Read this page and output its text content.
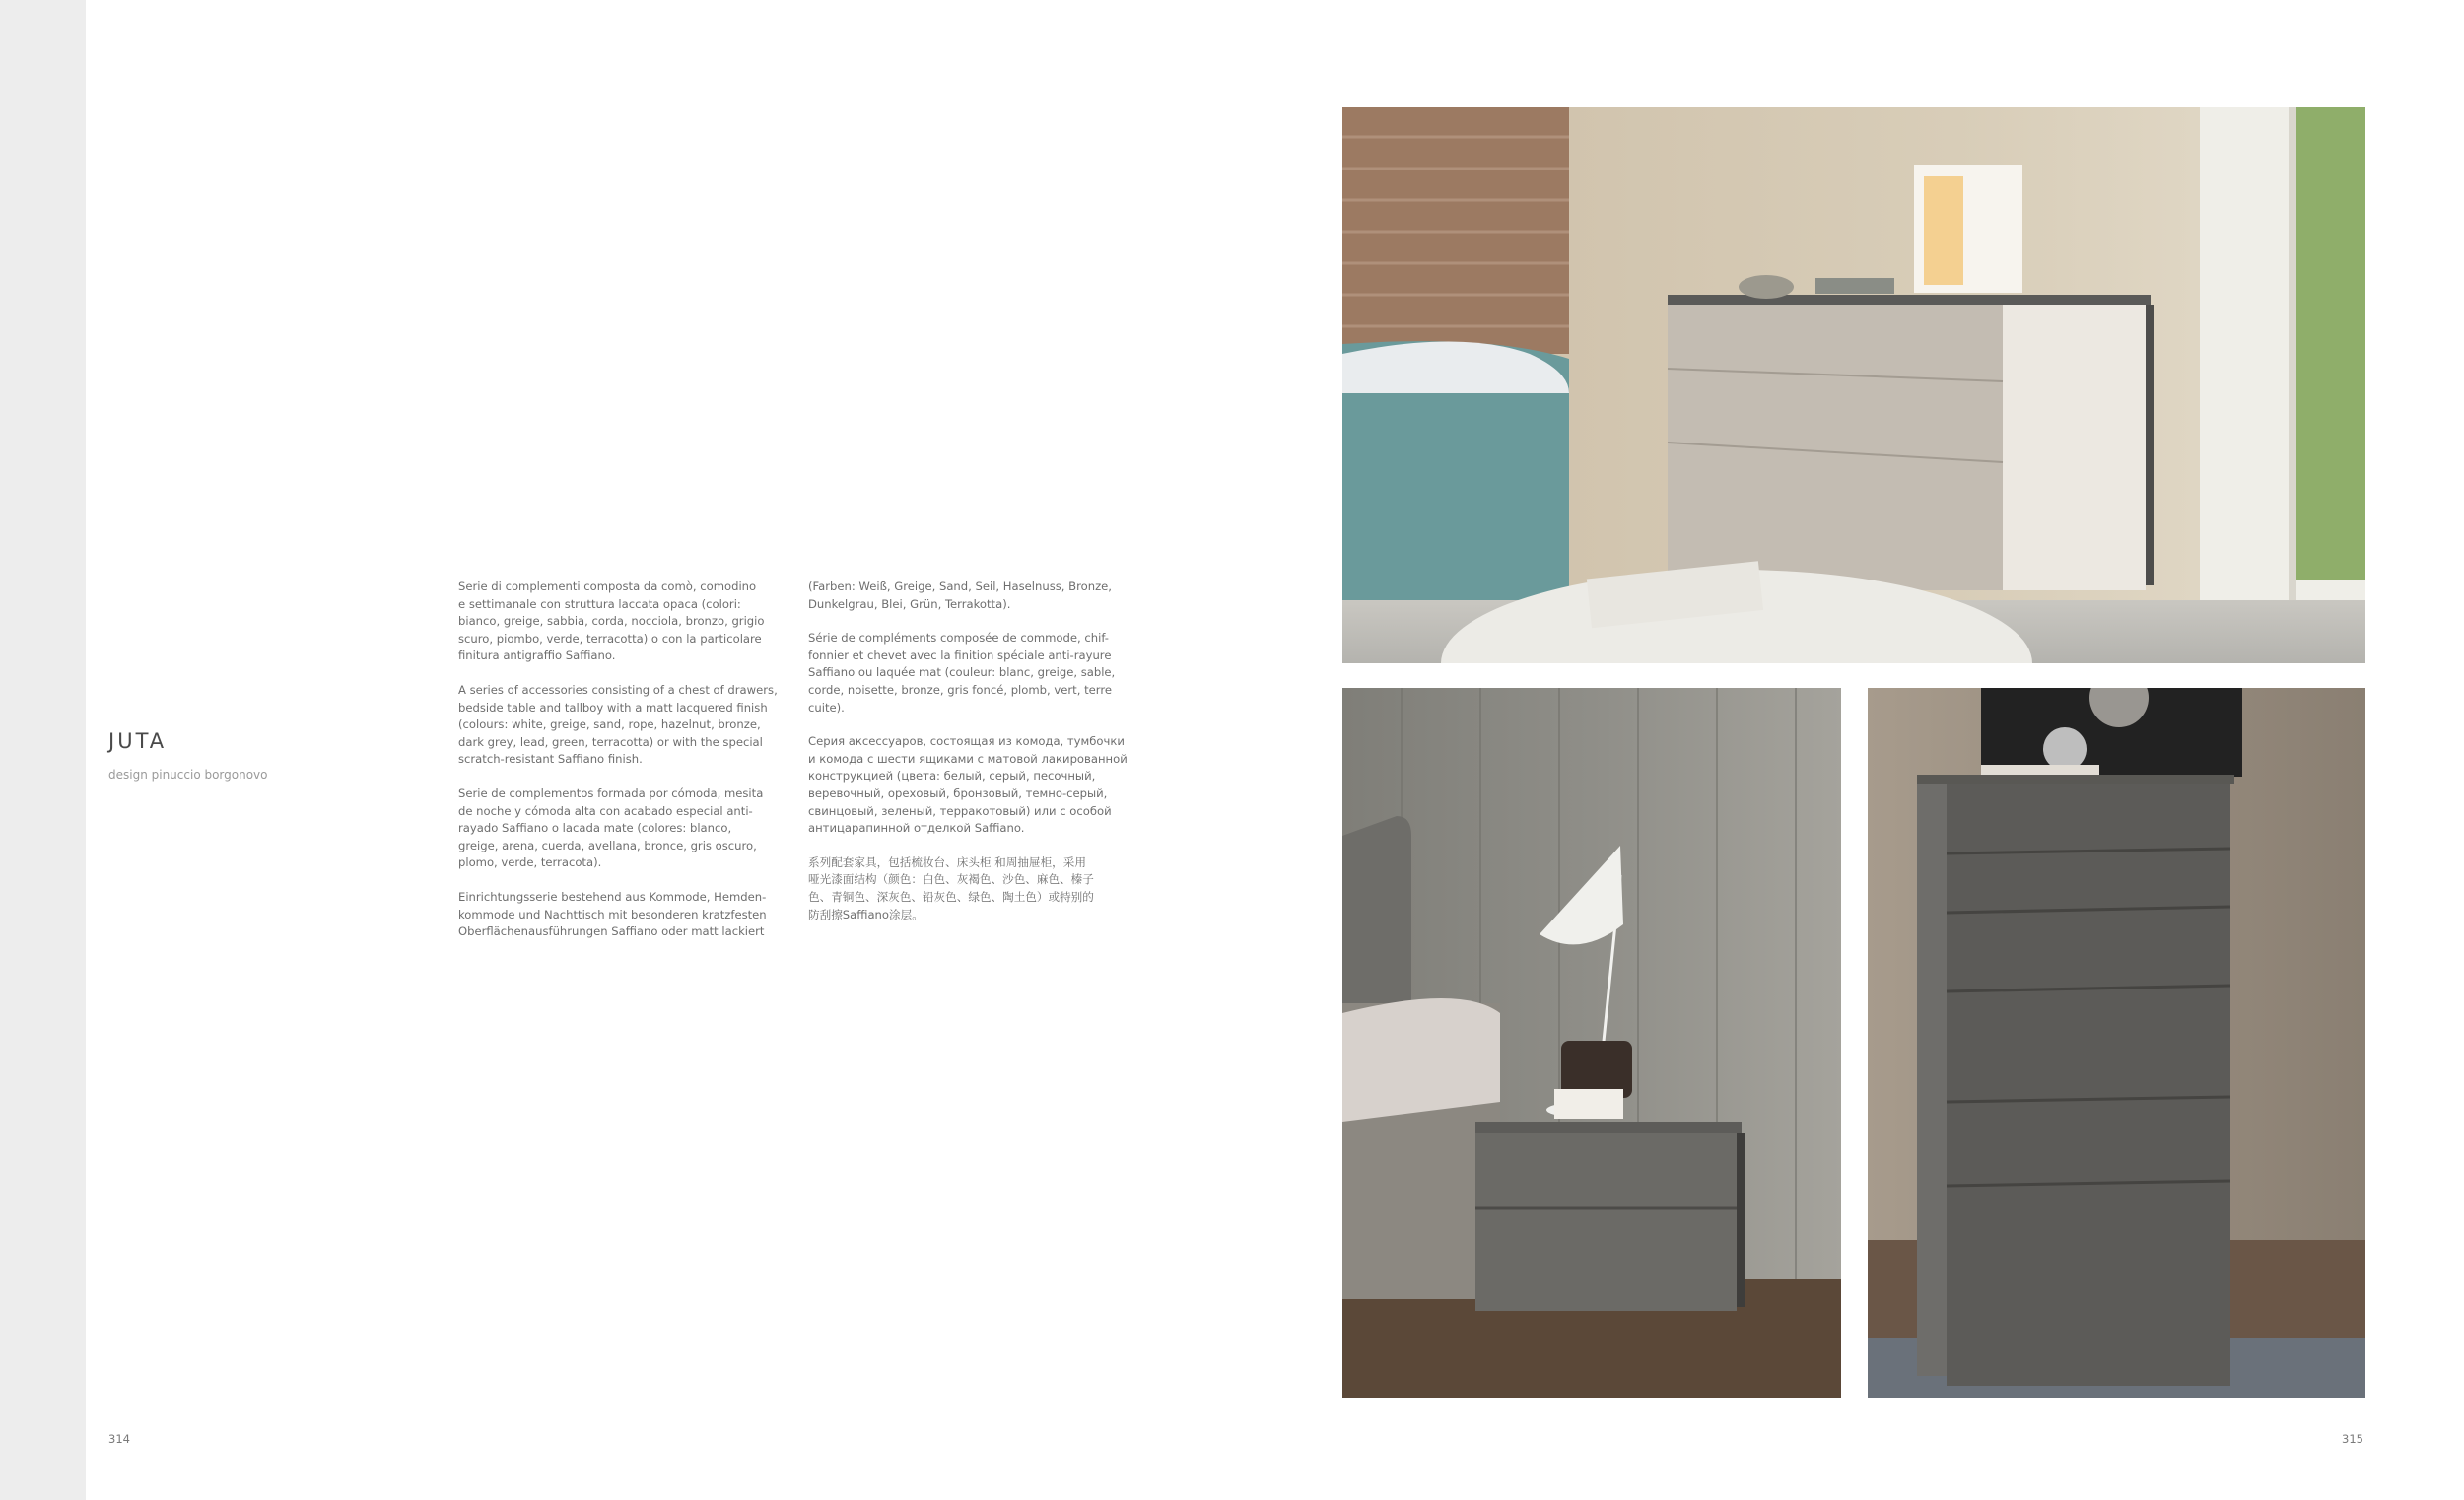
JUTA
design pinuccio borgonovo

Serie di complementi composta da comò, comodino
e settimanale con struttura laccata opaca (colori:
bianco, greige, sabbia, corda, nocciola, bronzo, grigio
scuro, piombo, verde, terracotta) o con la particolare
finitura antigraffio Saffiano.

A series of accessories consisting of a chest of drawers,
bedside table and tallboy with a matt lacquered finish
(colours: white, greige, sand, rope, hazelnut, bronze,
dark grey, lead, green, terracotta) or with the special
scratch-resistant Saffiano finish.

Serie de complementos formada por cómoda, mesita
de noche y cómoda alta con acabado especial anti-
rayado Saffiano o lacada mate (colores: blanco,
greige, arena, cuerda, avellana, bronce, gris oscuro,
plomo, verde, terracota).

Einrichtungsserie bestehend aus Kommode, Hemden-
kommode und Nachttisch mit besonderen kratzfesten
Oberflächenausführungen Saffiano oder matt lackiert

(Farben: Weiß, Greige, Sand, Seil, Haselnuss, Bronze,
Dunkelgrau, Blei, Grün, Terrakotta).

Série de compléments composée de commode, chif-
fonnier et chevet avec la finition spéciale anti-rayure
Saffiano ou laquée mat (couleur: blanc, greige, sable,
corde, noisette, bronze, gris foncé, plomb, vert, terre
cuite).

Серия аксессуаров, состоящая из комода, тумбочки
и комода с шести ящиками с матовой лакированной
конструкцией (цвета: белый, серый, песочный,
веревочный, ореховый, бронзовый, темно-серый,
свинцовый, зеленый, терракотовый) или с особой
антицарапинной отделкой Saffiano.

系列配套家具，包括梳妆台、床头柜 和周抽屉柜，采用
哑光漆面结构（颜色：白色、灰褐色、沙色、麻色、榛子
色、青铜色、深灰色、铅灰色、绿色、陶土色）或特别的
防刮擦Saffiano涂层。

314	315
